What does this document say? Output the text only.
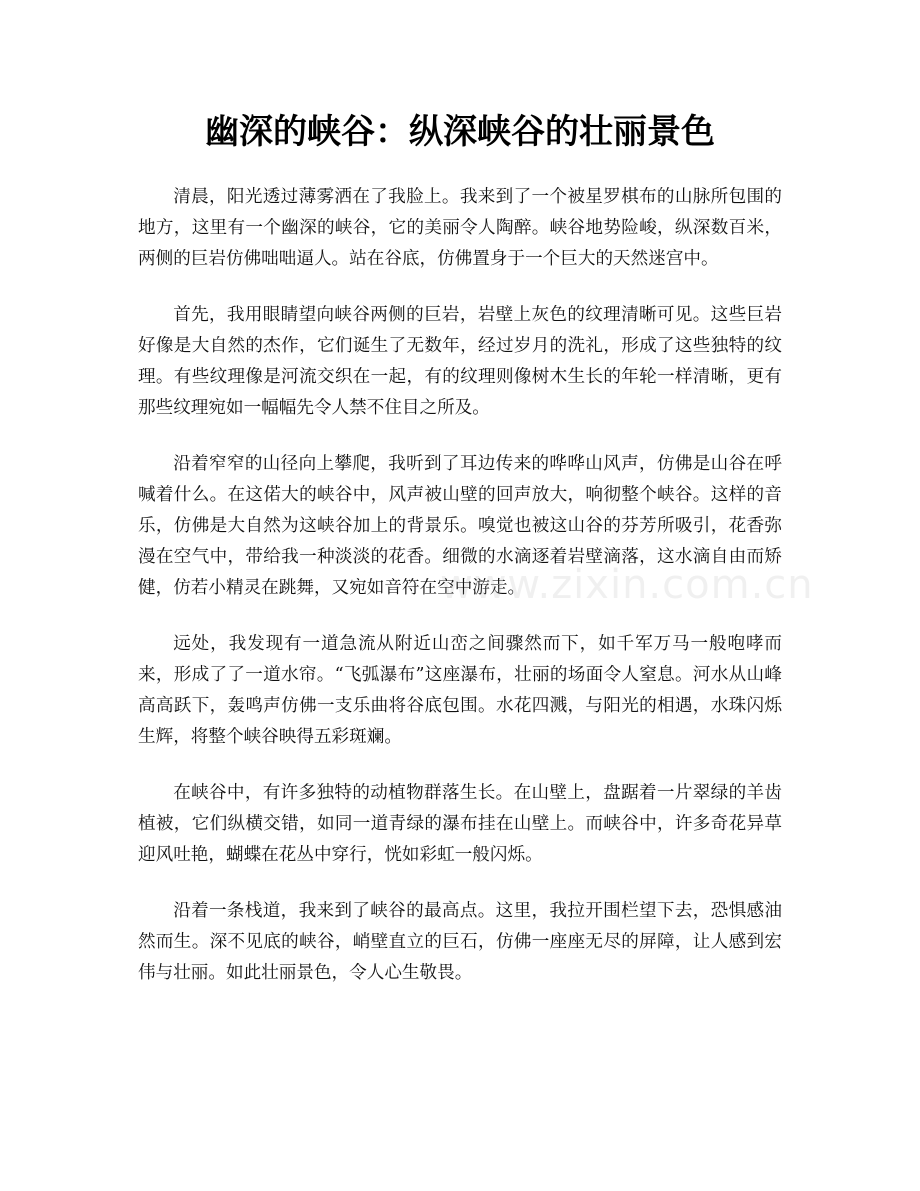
幽深的峡谷：纵深峡谷的壮丽景色

清晨，阳光透过薄雾洒在了我脸上。我来到了一个被星罗棋布的山脉所包围的地方，这里有一个幽深的峡谷，它的美丽令人陶醉。峡谷地势险峻，纵深数百米，两侧的巨岩仿佛咄咄逼人。站在谷底，仿佛置身于一个巨大的天然迷宫中。

首先，我用眼睛望向峡谷两侧的巨岩，岩壁上灰色的纹理清晰可见。这些巨岩好像是大自然的杰作，它们诞生了无数年，经过岁月的洗礼，形成了这些独特的纹理。有些纹理像是河流交织在一起，有的纹理则像树木生长的年轮一样清晰，更有那些纹理宛如一幅幅先令人禁不住目之所及。

沿着窄窄的山径向上攀爬，我听到了耳边传来的哗哗山风声，仿佛是山谷在呼喊着什么。在这偌大的峡谷中，风声被山壁的回声放大，响彻整个峡谷。这样的音乐，仿佛是大自然为这峡谷加上的背景乐。嗅觉也被这山谷的芬芳所吸引，花香弥漫在空气中，带给我一种淡淡的花香。细微的水滴逐着岩壁滴落，这水滴自由而矫健，仿若小精灵在跳舞，又宛如音符在空中游走。

远处，我发现有一道急流从附近山峦之间骤然而下，如千军万马一般咆哮而来，形成了了一道水帘。“飞弧瀑布”这座瀑布，壮丽的场面令人窒息。河水从山峰高高跃下，轰鸣声仿佛一支乐曲将谷底包围。水花四溅，与阳光的相遇，水珠闪烁生辉，将整个峡谷映得五彩斑斓。

在峡谷中，有许多独特的动植物群落生长。在山壁上，盘踞着一片翠绿的羊齿植被，它们纵横交错，如同一道青绿的瀑布挂在山壁上。而峡谷中，许多奇花异草迎风吐艳，蝴蝶在花丛中穿行，恍如彩虹一般闪烁。

沿着一条栈道，我来到了峡谷的最高点。这里，我拉开围栏望下去，恐惧感油然而生。深不见底的峡谷，峭壁直立的巨石，仿佛一座座无尽的屏障，让人感到宏伟与壮丽。如此壮丽景色，令人心生敬畏。

www.zixin.com.cn
